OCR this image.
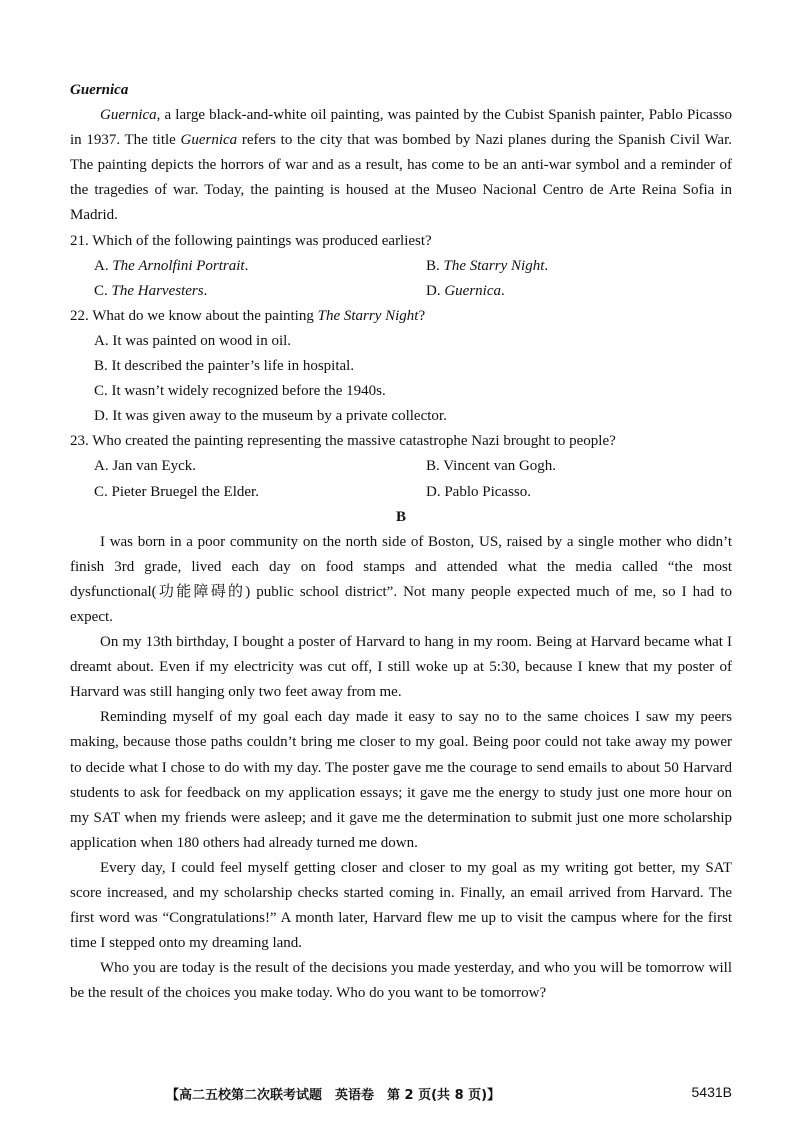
Guernica

Guernica, a large black-and-white oil painting, was painted by the Cubist Spanish painter, Pablo Picasso in 1937. The title Guernica refers to the city that was bombed by Nazi planes during the Spanish Civil War. The painting depicts the horrors of war and as a result, has come to be an anti-war symbol and a reminder of the tragedies of war. Today, the painting is housed at the Museo Nacional Centro de Arte Reina Sofia in Madrid.

21. Which of the following paintings was produced earliest?

A. The Arnolfini Portrait.	B. The Starry Night.

C. The Harvesters.	D. Guernica.

22. What do we know about the painting The Starry Night?

A. It was painted on wood in oil.

B. It described the painter’s life in hospital.

C. It wasn’t widely recognized before the 1940s.

D. It was given away to the museum by a private collector.

23. Who created the painting representing the massive catastrophe Nazi brought to people?

A. Jan van Eyck.	B. Vincent van Gogh.

C. Pieter Bruegel the Elder.	D. Pablo Picasso.

B

I was born in a poor community on the north side of Boston, US, raised by a single mother who didn’t finish 3rd grade, lived each day on food stamps and attended what the media called “the most dysfunctional(功能障碍的) public school district”. Not many people expected much of me, so I had to expect.

On my 13th birthday, I bought a poster of Harvard to hang in my room. Being at Harvard became what I dreamt about. Even if my electricity was cut off, I still woke up at 5:30, because I knew that my poster of Harvard was still hanging only two feet away from me.

Reminding myself of my goal each day made it easy to say no to the same choices I saw my peers making, because those paths couldn’t bring me closer to my goal. Being poor could not take away my power to decide what I chose to do with my day. The poster gave me the courage to send emails to about 50 Harvard students to ask for feedback on my application essays; it gave me the energy to study just one more hour on my SAT when my friends were asleep; and it gave me the determination to submit just one more scholarship application when 180 others had already turned me down.

Every day, I could feel myself getting closer and closer to my goal as my writing got better, my SAT score increased, and my scholarship checks started coming in. Finally, an email arrived from Harvard. The first word was “Congratulations!” A month later, Harvard flew me up to visit the campus where for the first time I stepped onto my dreaming land.

Who you are today is the result of the decisions you made yesterday, and who you will be tomorrow will be the result of the choices you make today. Who do you want to be tomorrow?

【高二五校第二次联考试题　英语卷　第 2 页(共 8 页)】	5431B
